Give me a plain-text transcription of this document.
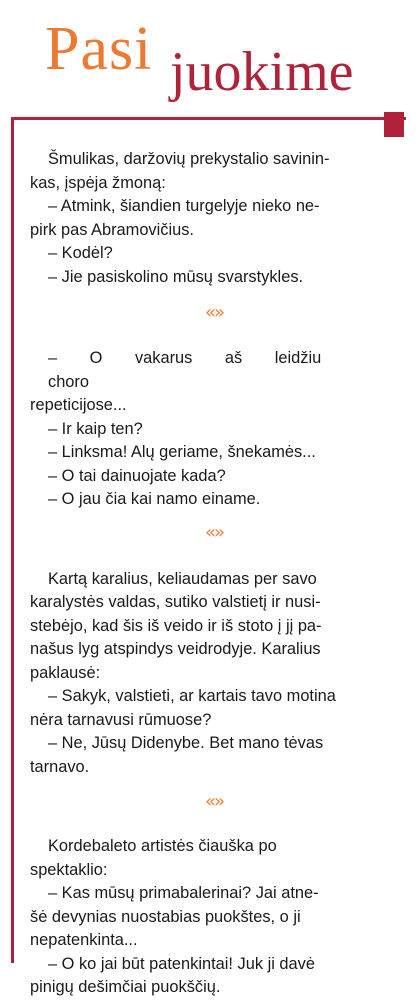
Pasi juokime

Šmulikas, daržovių prekystalio savinin-

kas, įspėja žmoną:

– Atmink, šiandien turgelyje nieko ne-

pirk pas Abramovičius.

– Kodėl?

– Jie pasiskolino mūsų svarstykles.

«»

– O vakarus aš leidžiu choro

repeticijose...

– Ir kaip ten?

– Linksma! Alų geriame, šnekamės...

– O tai dainuojate kada?

– O jau čia kai namo einame.

«»

Kartą karalius, keliaudamas per savo

karalystės valdas, sutiko valstietį ir nusi-

stebėjo, kad šis iš veido ir iš stoto į jį pa-

našus lyg atspindys veidrodyje. Karalius

paklausė:

– Sakyk, valstieti, ar kartais tavo motina

nėra tarnavusi rūmuose?

– Ne, Jūsų Didenybe. Bet mano tėvas

tarnavo.

«»

Kordebaleto artistės čiauška po

spektaklio:

– Kas mūsų primabalerinai? Jai atne-

šė devynias nuostabias puokštes, o ji

nepatenkinta...

– O ko jai būt patenkintai! Juk ji davė

pinigų dešimčiai puokščių.
